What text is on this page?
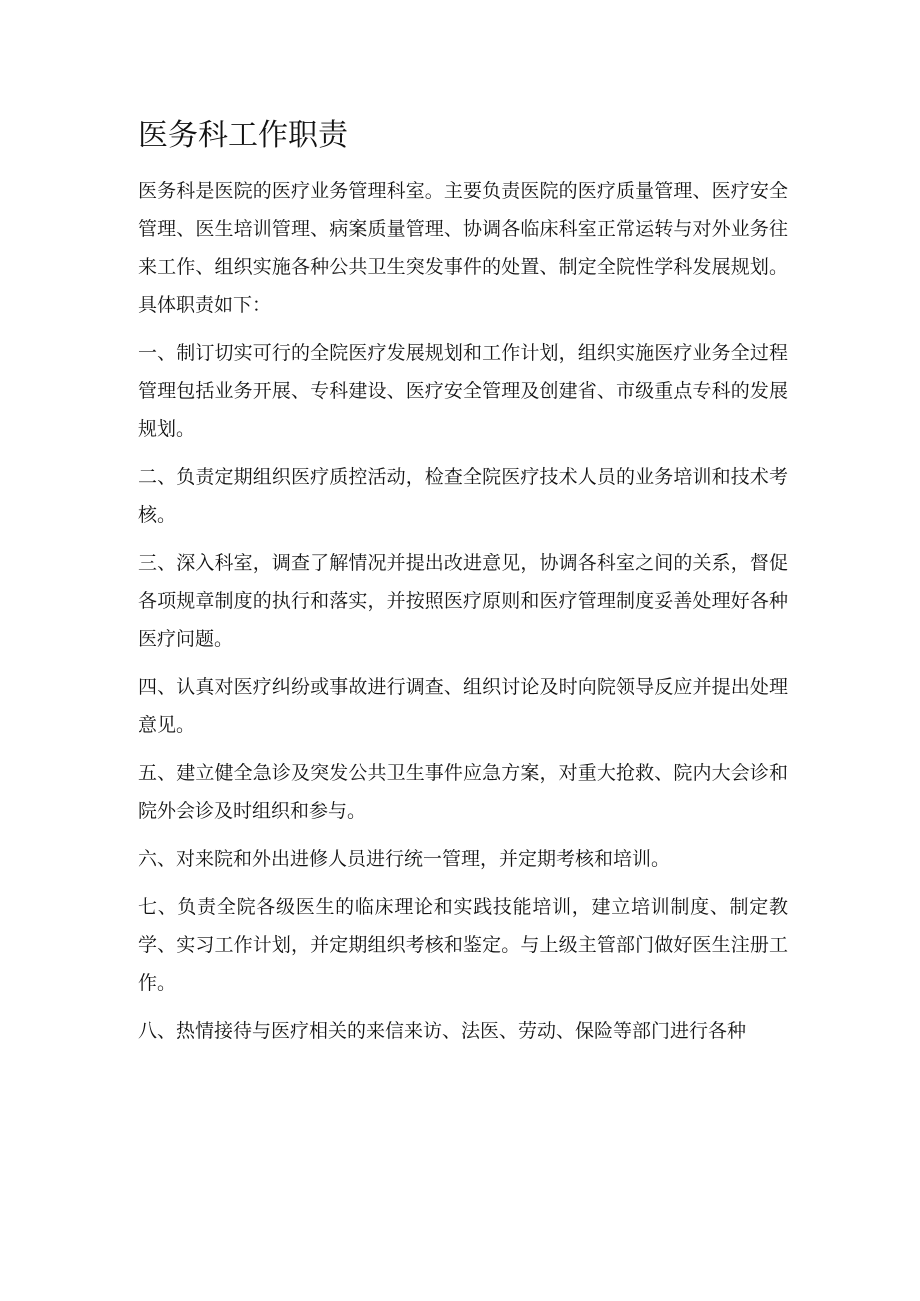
医务科工作职责

医务科是医院的医疗业务管理科室。主要负责医院的医疗质量管理、医疗安全管理、医生培训管理、病案质量管理、协调各临床科室正常运转与对外业务往来工作、组织实施各种公共卫生突发事件的处置、制定全院性学科发展规划。具体职责如下：

一、制订切实可行的全院医疗发展规划和工作计划，组织实施医疗业务全过程管理包括业务开展、专科建设、医疗安全管理及创建省、市级重点专科的发展规划。

二、负责定期组织医疗质控活动，检查全院医疗技术人员的业务培训和技术考核。

三、深入科室，调查了解情况并提出改进意见，协调各科室之间的关系，督促各项规章制度的执行和落实，并按照医疗原则和医疗管理制度妥善处理好各种医疗问题。

四、认真对医疗纠纷或事故进行调查、组织讨论及时向院领导反应并提出处理意见。

五、建立健全急诊及突发公共卫生事件应急方案，对重大抢救、院内大会诊和院外会诊及时组织和参与。

六、对来院和外出进修人员进行统一管理，并定期考核和培训。

七、负责全院各级医生的临床理论和实践技能培训，建立培训制度、制定教学、实习工作计划，并定期组织考核和鉴定。与上级主管部门做好医生注册工作。

八、热情接待与医疗相关的来信来访、法医、劳动、保险等部门进行各种
